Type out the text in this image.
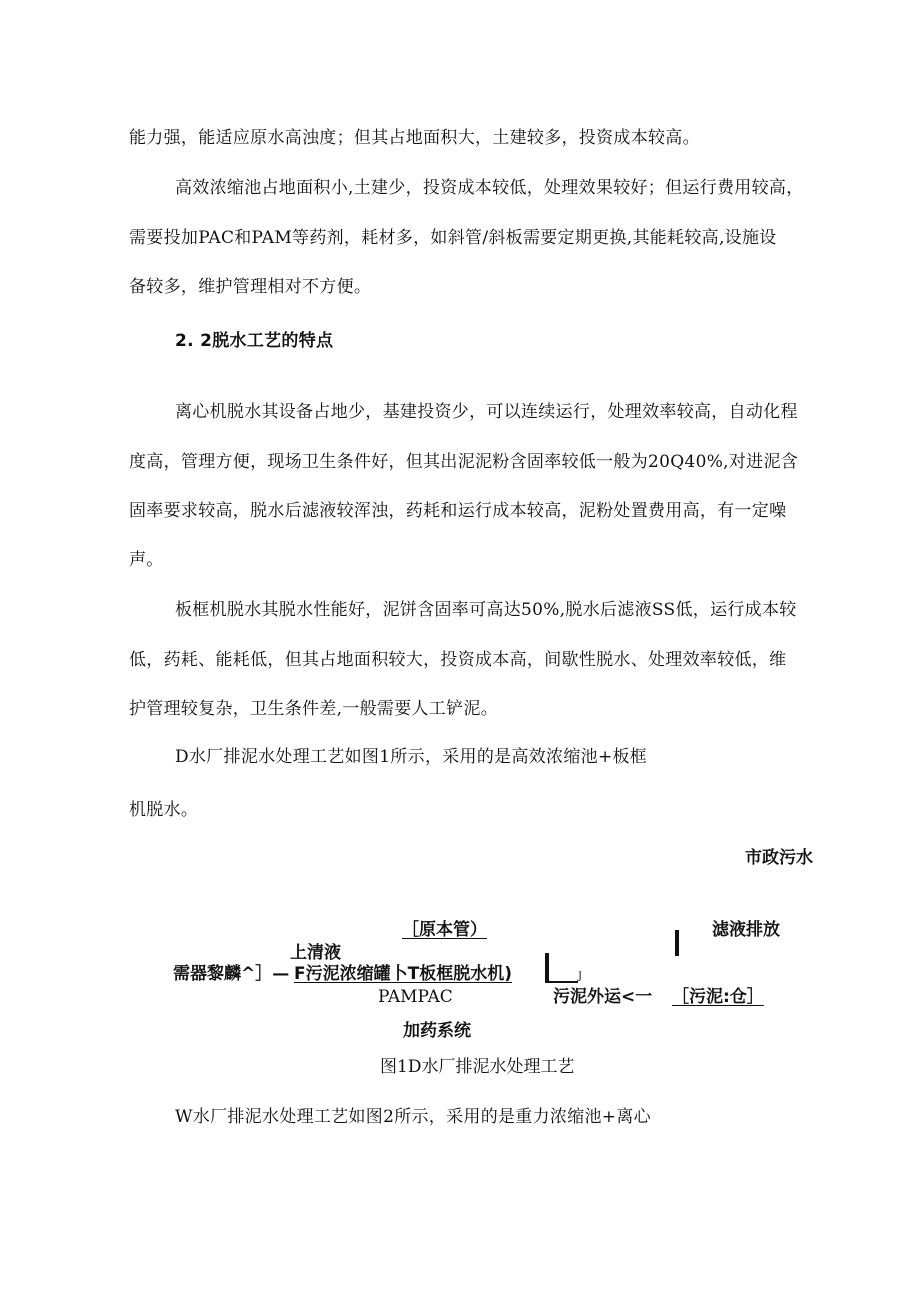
能力强，能适应原水高浊度；但其占地面积大，土建较多，投资成本较高。
高效浓缩池占地面积小,土建少，投资成本较低，处理效果较好；但运行费用较高，
需要投加PAC和PAM等药剂，耗材多，如斜管/斜板需要定期更换,其能耗较高,设施设
备较多，维护管理相对不方便。
2. 2脱水工艺的特点
离心机脱水其设备占地少，基建投资少，可以连续运行，处理效率较高，自动化程
度高，管理方便，现场卫生条件好，但其出泥泥粉含固率较低一般为20Q40%,对进泥含
固率要求较高，脱水后滤液较浑浊，药耗和运行成本较高，泥粉处置费用高，有一定噪
声。
板框机脱水其脱水性能好，泥饼含固率可高达50%,脱水后滤液SS低，运行成本较
低，药耗、能耗低，但其占地面积较大，投资成本高，间歇性脱水、处理效率较低，维
护管理较复杂，卫生条件差,一般需要人工铲泥。
D水厂排泥水处理工艺如图1所示，采用的是高效浓缩池+板框
机脱水。
市政污水
［原本管）	滤液排放
上清液
需器黎麟^］— F污泥浓缩罐卜T板框脱水机)	J
PAMPAC	污泥外运<一 ［污泥:仓］
加药系统
图1D水厂排泥水处理工艺
W水厂排泥水处理工艺如图2所示，采用的是重力浓缩池+离心
